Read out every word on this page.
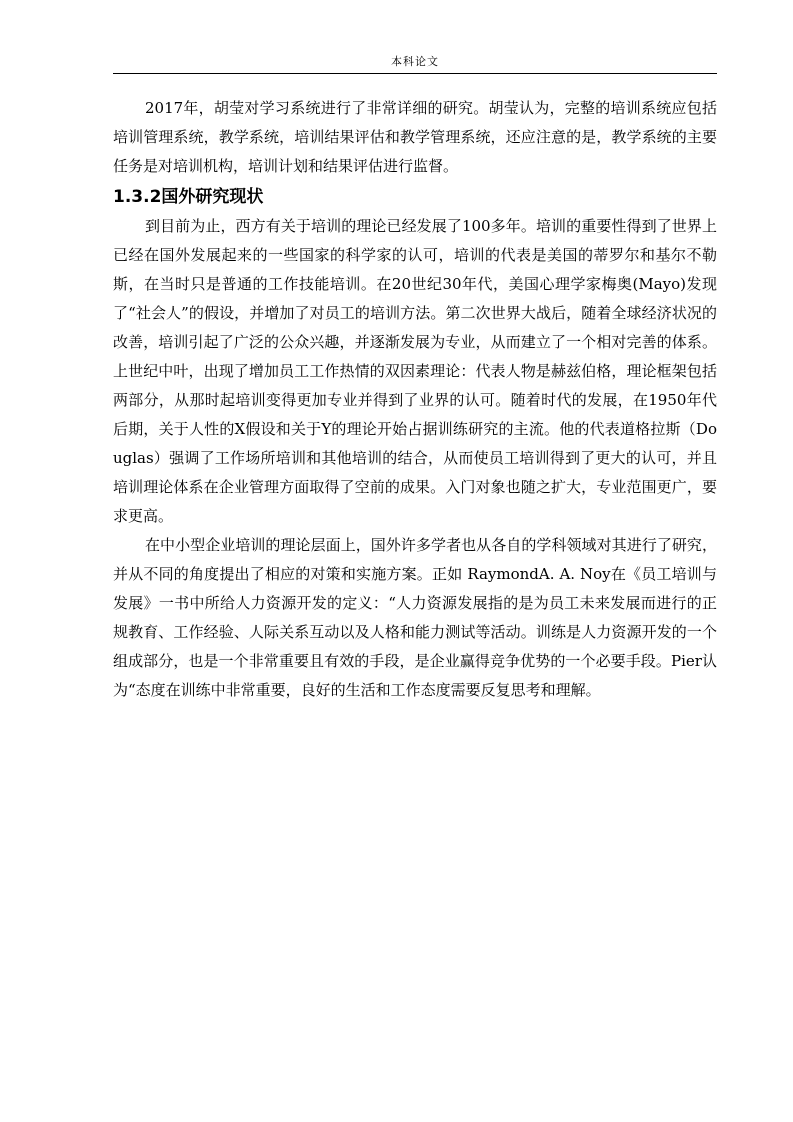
本科论文

2017年，胡莹对学习系统进行了非常详细的研究。胡莹认为，完整的培训系统应包括培训管理系统，教学系统，培训结果评估和教学管理系统，还应注意的是，教学系统的主要任务是对培训机构，培训计划和结果评估进行监督。

1.3.2国外研究现状

到目前为止，西方有关于培训的理论已经发展了100多年。培训的重要性得到了世界上已经在国外发展起来的一些国家的科学家的认可，培训的代表是美国的蒂罗尔和基尔不勒斯，在当时只是普通的工作技能培训。在20世纪30年代，美国心理学家梅奥(Mayo)发现了“社会人”的假设，并增加了对员工的培训方法。第二次世界大战后，随着全球经济状况的改善，培训引起了广泛的公众兴趣，并逐渐发展为专业，从而建立了一个相对完善的体系。上世纪中叶，出现了增加员工工作热情的双因素理论：代表人物是赫兹伯格，理论框架包括两部分，从那时起培训变得更加专业并得到了业界的认可。随着时代的发展，在1950年代后期，关于人性的X假设和关于Y的理论开始占据训练研究的主流。他的代表道格拉斯（Douglas）强调了工作场所培训和其他培训的结合，从而使员工培训得到了更大的认可，并且培训理论体系在企业管理方面取得了空前的成果。入门对象也随之扩大，专业范围更广，要求更高。

在中小型企业培训的理论层面上，国外许多学者也从各自的学科领域对其进行了研究，并从不同的角度提出了相应的对策和实施方案。正如 RaymondA. A. Noy在《员工培训与发展》一书中所给人力资源开发的定义：“人力资源发展指的是为员工未来发展而进行的正规教育、工作经验、人际关系互动以及人格和能力测试等活动。训练是人力资源开发的一个组成部分，也是一个非常重要且有效的手段，是企业赢得竞争优势的一个必要手段。Pier认为“态度在训练中非常重要，良好的生活和工作态度需要反复思考和理解。
